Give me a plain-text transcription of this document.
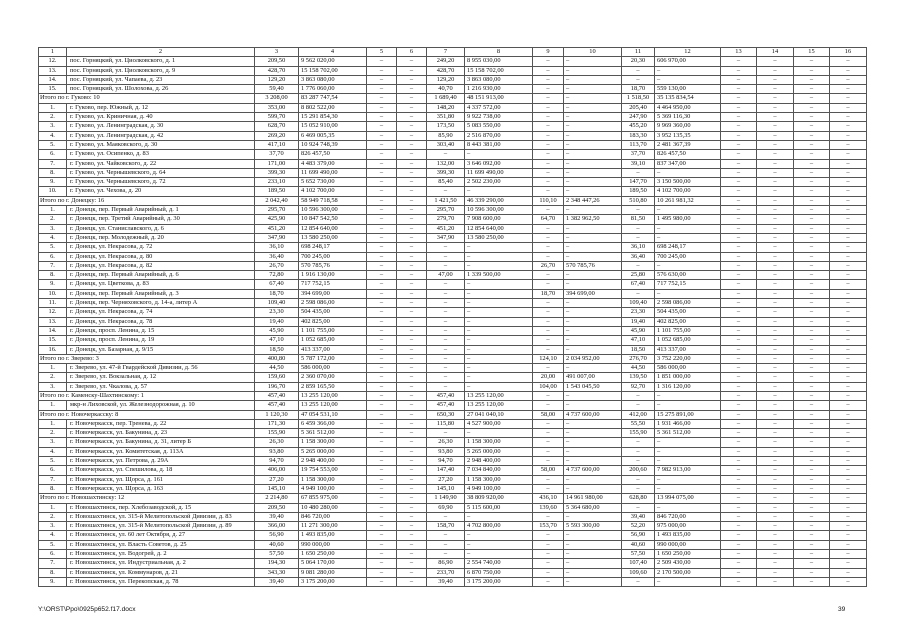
1	2	3	4	5	6	7	8	9	10	11	12	13	14	15	16
12.	пос. Горняцкий, ул. Циолковского, д. 1	209,50	9 562 020,00	–	–	249,20	8 955 030,00	–	–	20,30	606 970,00	–	–	–	–
13.	пос. Горняцкий, ул. Циолковского, д. 9	428,70	15 158 702,00	–	–	428,70	15 158 702,00	–	–	–	–	–	–	–	–
14.	пос. Горняцкий, ул. Чапаева, д. 23	129,20	3 863 080,00	–	–	129,20	3 863 080,00	–	–	–	–	–	–	–	–
15.	пос. Горняцкий, ул. Шолохова, д. 26	59,40	1 776 060,00	–	–	40,70	1 216 930,00	–	–	18,70	559 130,00	–	–	–	–
Итого по г. Гуково: 10		3 208,00	83 287 747,54	–	–	1 689,40	48 151 913,00	–	–	1 518,50	35 135 834,54	–	–	–	–
1.	г. Гуково, пер. Южный, д. 12	353,00	8 802 522,00	–	–	148,20	4 337 572,00	–	–	205,40	4 464 950,00	–	–	–	–
2.	г. Гуково, ул. Криничная, д. 40	599,70	15 291 854,30	–	–	351,80	9 922 738,00	–	–	247,90	5 369 116,30	–	–	–	–
3.	г. Гуково, ул. Ленинградская, д. 30	628,70	15 052 910,00	–	–	173,50	5 083 550,00	–	–	455,20	9 969 360,00	–	–	–	–
4.	г. Гуково, ул. Ленинградская, д. 42	269,20	6 469 005,35	–	–	85,90	2 516 870,00	–	–	183,30	3 952 135,35	–	–	–	–
5.	г. Гуково, ул. Маяковского, д. 30	417,10	10 924 748,39	–	–	303,40	8 443 381,00	–	–	113,70	2 481 367,39	–	–	–	–
6.	г. Гуково, ул. Осипенко, д. 83	37,70	826 457,50	–	–	–	–	–	–	37,70	826 457,50	–	–	–	–
7.	г. Гуково, ул. Чайковского, д. 22	171,00	4 483 379,00	–	–	132,00	3 646 092,00	–	–	39,10	837 347,00	–	–	–	–
8.	г. Гуково, ул. Чернышевского, д. 64	399,30	11 699 490,00	–	–	399,30	11 699 490,00	–	–	–	–	–	–	–	–
9.	г. Гуково, ул. Чернышевского, д. 72	233,10	5 652 730,00	–	–	85,40	2 502 230,00	–	–	147,70	3 150 500,00	–	–	–	–
10.	г. Гуково, ул. Чехова, д. 20	189,50	4 102 700,00	–	–	–	–	–	–	189,50	4 102 700,00	–	–	–	–
Итого по г. Донецку: 16		2 042,40	58 949 718,58	–	–	1 421,50	46 339 290,00	110,10	2 348 447,26	510,80	10 261 981,32	–	–	–	–
1.	г. Донецк, пер. Первый Аварийный, д. 1	295,70	10 596 300,00	–	–	295,70	10 596 300,00	–	–	–	–	–	–	–	–
2.	г. Донецк, пер. Третий Аварийный, д. 30	425,90	10 847 542,50	–	–	279,70	7 908 600,00	64,70	1 382 962,50	81,50	1 495 980,00	–	–	–	–
3.	г. Донецк, ул. Станиславского, д. 6	451,20	12 854 640,00	–	–	451,20	12 854 640,00	–	–	–	–	–	–	–	–
4.	г. Донецк, пер. Молодежный, д. 20	347,90	13 580 250,00	–	–	347,90	13 580 250,00	–	–	–	–	–	–	–	–
5.	г. Донецк, ул. Некрасова, д. 72	36,10	698 248,17	–	–	–	–	–	–	36,10	698 248,17	–	–	–	–
6.	г. Донецк, ул. Некрасова, д. 80	36,40	700 245,00	–	–	–	–	–	–	36,40	700 245,00	–	–	–	–
7.	г. Донецк, ул. Некрасова, д. 82	26,70	570 785,76	–	–	–	–	26,70	570 785,76	–	–	–	–	–	–
8.	г. Донецк, пер. Первый Аварийный, д. 6	72,80	1 916 130,00	–	–	47,00	1 339 500,00	–	–	25,80	576 630,00	–	–	–	–
9.	г. Донецк, ул. Цветкова, д. 83	67,40	717 752,15	–	–	–	–	–	–	67,40	717 752,15	–	–	–	–
10.	г. Донецк, пер. Первый Аварийный, д. 3	18,70	394 699,00	–	–	–	–	18,70	394 699,00	–	–	–	–	–	–
11.	г. Донецк, пер. Черняховского, д. 14-а, литер А	109,40	2 598 086,00	–	–	–	–	–	–	109,40	2 598 086,00	–	–	–	–
12.	г. Донецк, ул. Некрасова, д. 74	23,30	504 435,00	–	–	–	–	–	–	23,30	504 435,00	–	–	–	–
13.	г. Донецк, ул. Некрасова, д. 78	19,40	402 825,00	–	–	–	–	–	–	19,40	402 825,00	–	–	–	–
14.	г. Донецк, просп. Ленина, д. 15	45,90	1 101 755,00	–	–	–	–	–	–	45,90	1 101 755,00	–	–	–	–
15.	г. Донецк, просп. Ленина, д. 19	47,10	1 052 685,00	–	–	–	–	–	–	47,10	1 052 685,00	–	–	–	–
16.	г. Донецк, ул. Базарная, д. 9/15	18,50	413 337,00	–	–	–	–	–	–	18,50	413 337,00	–	–	–	–
Итого по г. Зверево: 3		400,80	5 787 172,00	–	–	–	–	124,10	2 034 952,00	276,70	3 752 220,00	–	–	–	–
1.	г. Зверево, ул. 47-й Гвардейской Дивизии, д. 56	44,50	586 000,00	–	–	–	–	–	–	44,50	586 000,00	–	–	–	–
2.	г. Зверево, ул. Вокзальная, д. 12	159,60	2 360 070,00	–	–	–	–	20,00	491 007,00	139,50	1 851 000,00	–	–	–	–
3.	г. Зверево, ул. Чкалова, д. 57	196,70	2 859 165,50	–	–	–	–	104,00	1 543 045,50	92,70	1 316 120,00	–	–	–	–
Итого по г. Каменску-Шахтинскому: 1		457,40	13 255 120,00	–	–	457,40	13 255 120,00	–	–	–	–	–	–	–	–
1.	мкр-н Лиховской, ул. Железнодорожная, д. 10	457,40	13 255 120,00	–	–	457,40	13 255 120,00	–	–	–	–	–	–	–	–
Итого по г. Новочеркасску: 8		1 120,30	47 054 531,10	–	–	650,30	27 041 040,10	58,00	4 737 600,00	412,00	15 275 891,00	–	–	–	–
1.	г. Новочеркасск, пер. Тренева, д. 22	171,30	6 459 366,00	–	–	115,80	4 527 900,00	–	–	55,50	1 931 466,00	–	–	–	–
2.	г. Новочеркасск, ул. Бакунина, д. 23	155,90	5 361 512,00	–	–	–	–	–	–	155,90	5 361 512,00	–	–	–	–
3.	г. Новочеркасск, ул. Бакунина, д. 31, литер Б	26,30	1 158 300,00	–	–	26,30	1 158 300,00	–	–	–	–	–	–	–	–
4.	г. Новочеркасск, ул. Комитетская, д. 113А	93,80	5 265 000,00	–	–	93,80	5 265 000,00	–	–	–	–	–	–	–	–
5.	г. Новочеркасск, ул. Петрова, д. 29А	94,70	2 948 400,00	–	–	94,70	2 948 400,00	–	–	–	–	–	–	–	–
6.	г. Новочеркасск, ул. Спешилова, д. 18	406,00	19 754 553,00	–	–	147,40	7 034 840,00	58,00	4 737 600,00	200,60	7 982 913,00	–	–	–	–
7.	г. Новочеркасск, ул. Щорса, д. 161	27,20	1 158 300,00	–	–	27,20	1 158 300,00	–	–	–	–	–	–	–	–
8.	г. Новочеркасск, ул. Щорса, д. 163	145,10	4 949 100,00	–	–	145,10	4 949 100,00	–	–	–	–	–	–	–	–
Итого по г. Новошахтинску: 12		2 214,80	67 855 975,00	–	–	1 149,90	38 809 920,00	436,10	14 961 980,00	628,80	13 994 075,00	–	–	–	–
1.	г. Новошахтинск, пер. Хлебозаводской, д. 15	209,50	10 480 280,00	–	–	69,90	5 115 600,00	139,60	5 364 680,00	–	–	–	–	–	–
2.	г. Новошахтинск, ул. 315-й Мелитопольской Дивизии, д. 83	39,40	846 720,00	–	–	–	–	–	–	39,40	846 720,00	–	–	–	–
3.	г. Новошахтинск, ул. 315-й Мелитопольской Дивизии, д. 89	366,00	11 271 300,00	–	–	158,70	4 702 800,00	153,70	5 593 300,00	52,20	975 000,00	–	–	–	–
4.	г. Новошахтинск, ул. 60 лет Октября, д. 27	56,90	1 493 835,00	–	–	–	–	–	–	56,90	1 493 835,00	–	–	–	–
5.	г. Новошахтинск, ул. Власть Советов, д. 25	40,60	990 000,00	–	–	–	–	–	–	40,60	990 000,00	–	–	–	–
6.	г. Новошахтинск, ул. Водогрей, д. 2	57,50	1 650 250,00	–	–	–	–	–	–	57,50	1 650 250,00	–	–	–	–
7.	г. Новошахтинск, ул. Индустриальная, д. 2	194,30	5 064 170,00	–	–	86,90	2 554 740,00	–	–	107,40	2 509 430,00	–	–	–	–
8.	г. Новошахтинск, ул. Коммунаров, д. 21	343,30	9 081 280,00	–	–	233,70	6 870 750,00	–	–	109,60	2 170 500,00	–	–	–	–
9.	г. Новошахтинск, ул. Перекопская, д. 78	39,40	3 175 200,00	–	–	39,40	3 175 200,00	–	–	–	–	–	–	–	–
Y:\ORST\Ppo\0925p652.f17.docx	39
